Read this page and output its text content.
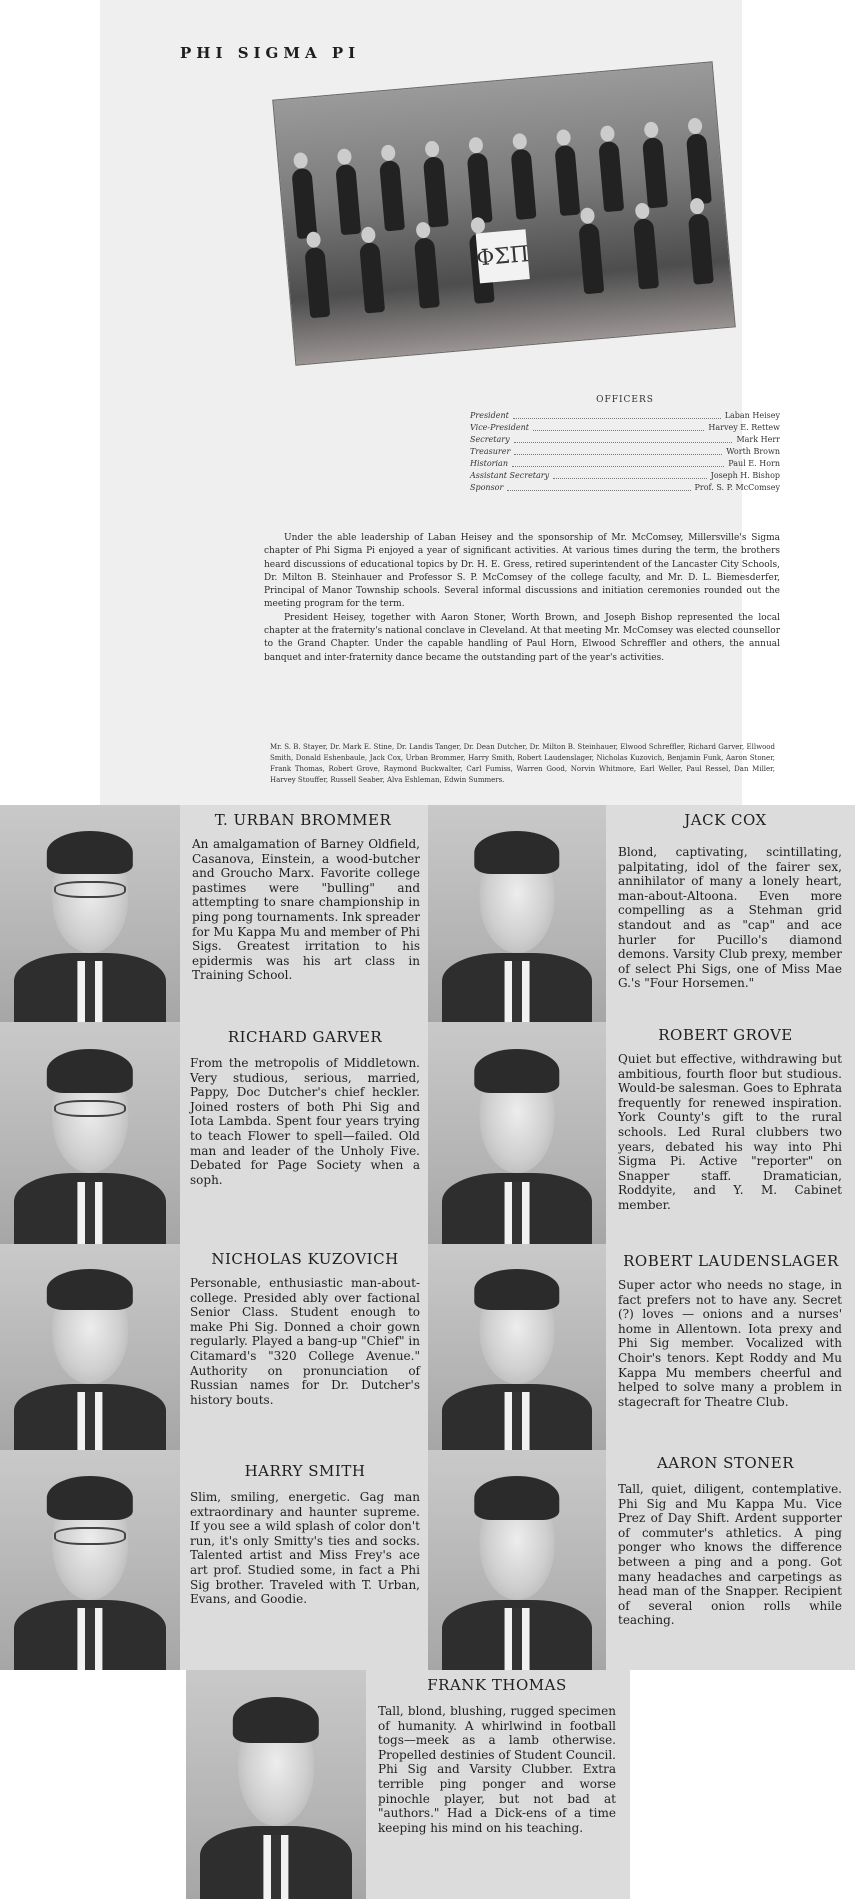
PHI SIGMA PI
ΦΣΠ
OFFICERS
President	Laban Heisey
Vice-President	Harvey E. Rettew
Secretary	Mark Herr
Treasurer	Worth Brown
Historian	Paul E. Horn
Assistant Secretary	Joseph H. Bishop
Sponsor	Prof. S. P. McComsey

Under the able leadership of Laban Heisey and the sponsorship of Mr. McComsey, Millersville's Sigma chapter of Phi Sigma Pi enjoyed a year of significant activities. At various times during the term, the brothers heard discussions of educational topics by Dr. H. E. Gress, retired superintendent of the Lancaster City Schools, Dr. Milton B. Steinhauer and Professor S. P. McComsey of the college faculty, and Mr. D. L. Biemesderfer, Principal of Manor Township schools. Several informal discussions and initiation ceremonies rounded out the meeting program for the term.

President Heisey, together with Aaron Stoner, Worth Brown, and Joseph Bishop represented the local chapter at the fraternity's national conclave in Cleveland. At that meeting Mr. McComsey was elected counsellor to the Grand Chapter. Under the capable handling of Paul Horn, Elwood Schreffler and others, the annual banquet and inter-fraternity dance became the outstanding part of the year's activities.

Mr. S. B. Stayer, Dr. Mark E. Stine, Dr. Landis Tanger, Dr. Dean Dutcher, Dr. Milton B. Steinhauer, Elwood Schreffler, Richard Garver, Ellwood Smith, Donald Eshenbaule, Jack Cox, Urban Brommer, Harry Smith, Robert Laudenslager, Nicholas Kuzovich, Benjamin Funk, Aaron Stoner, Frank Thomas, Robert Grove, Raymond Buckwalter, Carl Fumiss, Warren Good, Norvin Whitmore, Earl Weller, Paul Ressel, Dan Miller, Harvey Stouffer, Russell Seaber, Alva Eshleman, Edwin Summers.
T. URBAN BROMMER
An amalgamation of Barney Oldfield, Casanova, Einstein, a wood-butcher and Groucho Marx. Favorite college pastimes were "bulling" and attempting to snare championship in ping pong tournaments. Ink spreader for Mu Kappa Mu and member of Phi Sigs. Greatest irritation to his epidermis was his art class in Training School.
JACK COX
Blond, captivating, scintillating, palpitating, idol of the fairer sex, annihilator of many a lonely heart, man-about-Altoona. Even more compelling as a Stehman grid standout and as "cap" and ace hurler for Pucillo's diamond demons. Varsity Club prexy, member of select Phi Sigs, one of Miss Mae G.'s "Four Horsemen."
RICHARD GARVER
From the metropolis of Middletown. Very studious, serious, married, Pappy, Doc Dutcher's chief heckler. Joined rosters of both Phi Sig and Iota Lambda. Spent four years trying to teach Flower to spell—failed. Old man and leader of the Unholy Five. Debated for Page Society when a soph.
ROBERT GROVE
Quiet but effective, withdrawing but ambitious, fourth floor but studious. Would-be salesman. Goes to Ephrata frequently for renewed inspiration. York County's gift to the rural schools. Led Rural clubbers two years, debated his way into Phi Sigma Pi. Active "reporter" on Snapper staff. Dramatician, Roddyite, and Y. M. Cabinet member.
NICHOLAS KUZOVICH
Personable, enthusiastic man-about-college. Presided ably over factional Senior Class. Student enough to make Phi Sig. Donned a choir gown regularly. Played a bang-up "Chief" in Citamard's "320 College Avenue." Authority on pronunciation of Russian names for Dr. Dutcher's history bouts.
ROBERT LAUDENSLAGER
Super actor who needs no stage, in fact prefers not to have any. Secret (?) loves — onions and a nurses' home in Allentown. Iota prexy and Phi Sig member. Vocalized with Choir's tenors. Kept Roddy and Mu Kappa Mu members cheerful and helped to solve many a problem in stagecraft for Theatre Club.
HARRY SMITH
Slim, smiling, energetic. Gag man extraordinary and haunter supreme. If you see a wild splash of color don't run, it's only Smitty's ties and socks. Talented artist and Miss Frey's ace art prof. Studied some, in fact a Phi Sig brother. Traveled with T. Urban, Evans, and Goodie.
AARON STONER
Tall, quiet, diligent, contemplative. Phi Sig and Mu Kappa Mu. Vice Prez of Day Shift. Ardent supporter of commuter's athletics. A ping ponger who knows the difference between a ping and a pong. Got many headaches and carpetings as head man of the Snapper. Recipient of several onion rolls while teaching.
FRANK THOMAS
Tall, blond, blushing, rugged specimen of humanity. A whirlwind in football togs—meek as a lamb otherwise. Propelled destinies of Student Council. Phi Sig and Varsity Clubber. Extra terrible ping ponger and worse pinochle player, but not bad at "authors." Had a Dick-ens of a time keeping his mind on his teaching.
